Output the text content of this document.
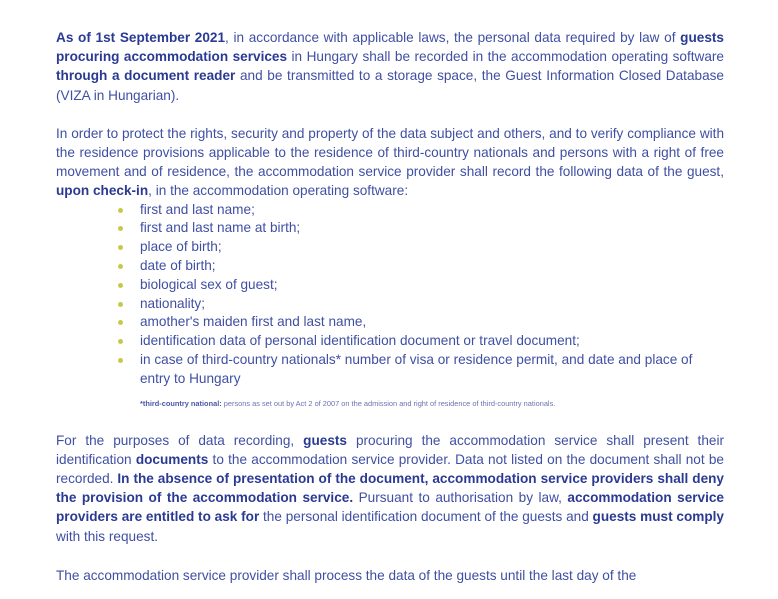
As of 1st September 2021, in accordance with applicable laws, the personal data required by law of guests procuring accommodation services in Hungary shall be recorded in the accommodation operating software through a document reader and be transmitted to a storage space, the Guest Information Closed Database (VIZA in Hungarian).

In order to protect the rights, security and property of the data subject and others, and to verify compliance with the residence provisions applicable to the residence of third-country nationals and persons with a right of free movement and of residence, the accommodation service provider shall record the following data of the guest, upon check-in, in the accommodation operating software:

first and last name;
first and last name at birth;
place of birth;
date of birth;
biological sex of guest;
nationality;
amother's maiden first and last name,
identification data of personal identification document or travel document;
in case of third-country nationals* number of visa or residence permit, and date and place of entry to Hungary

*third-country national: persons as set out by Act 2 of 2007 on the admission and right of residence of third-country nationals.

For the purposes of data recording, guests procuring the accommodation service shall present their identification documents to the accommodation service provider. Data not listed on the document shall not be recorded. In the absence of presentation of the document, accommodation service providers shall deny the provision of the accommodation service. Pursuant to authorisation by law, accommodation service providers are entitled to ask for the personal identification document of the guests and guests must comply with this request.

The accommodation service provider shall process the data of the guests until the last day of the
